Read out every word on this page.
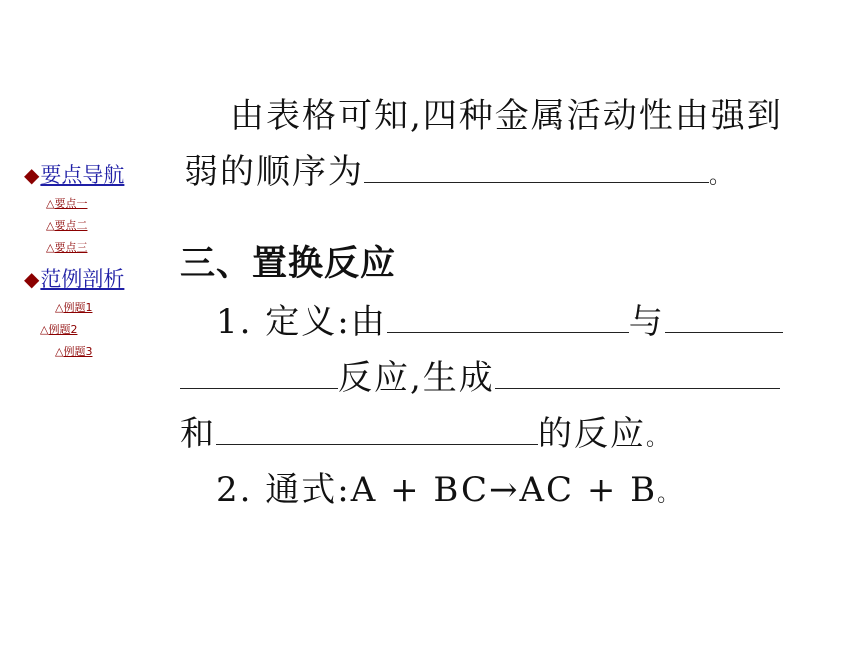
◆要点导航
△要点一
△要点二
△要点三
◆范例剖析
△例题1
△例题2
△例题3
由表格可知,四种金属活动性由强到
弱的顺序为	。
三、置换反应
1. 定义:由	与
反应,生成
和	的反应。
2. 通式:A + BC→AC + B。
